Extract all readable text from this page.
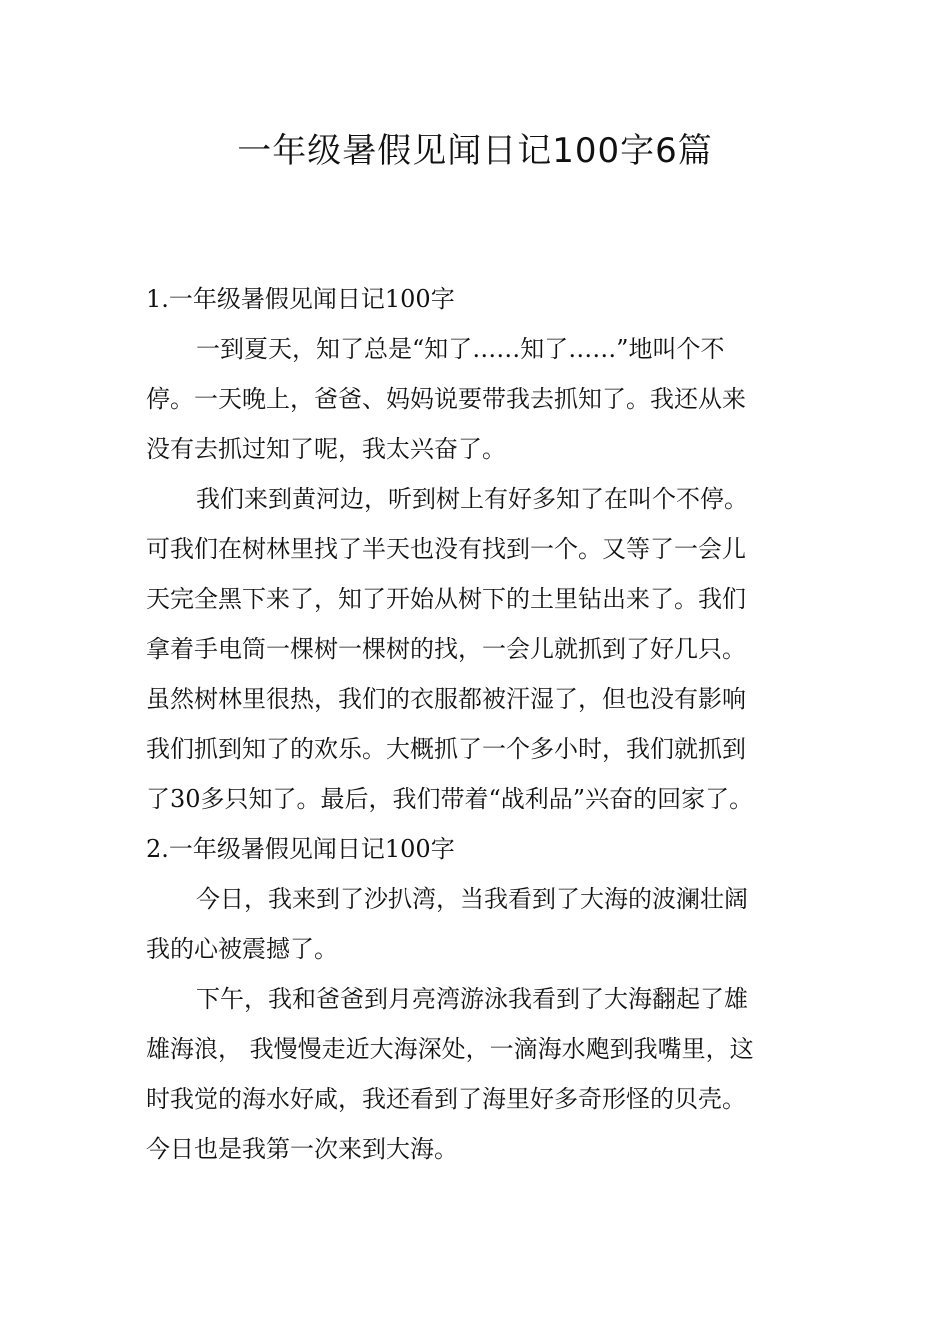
一年级暑假见闻日记100字6篇
1.一年级暑假见闻日记100字
一到夏天，知了总是“知了……知了……”地叫个不
停。一天晚上，爸爸、妈妈说要带我去抓知了。我还从来
没有去抓过知了呢，我太兴奋了。
我们来到黄河边，听到树上有好多知了在叫个不停。
可我们在树林里找了半天也没有找到一个。又等了一会儿
天完全黑下来了，知了开始从树下的土里钻出来了。我们
拿着手电筒一棵树一棵树的找，一会儿就抓到了好几只。
虽然树林里很热，我们的衣服都被汗湿了，但也没有影响
我们抓到知了的欢乐。大概抓了一个多小时，我们就抓到
了30多只知了。最后，我们带着“战利品”兴奋的回家了。
2.一年级暑假见闻日记100字
今日，我来到了沙扒湾，当我看到了大海的波澜壮阔
我的心被震撼了。
下午，我和爸爸到月亮湾游泳我看到了大海翻起了雄
雄海浪， 我慢慢走近大海深处，一滴海水飑到我嘴里，这
时我觉的海水好咸，我还看到了海里好多奇形怪的贝壳。
今日也是我第一次来到大海。
